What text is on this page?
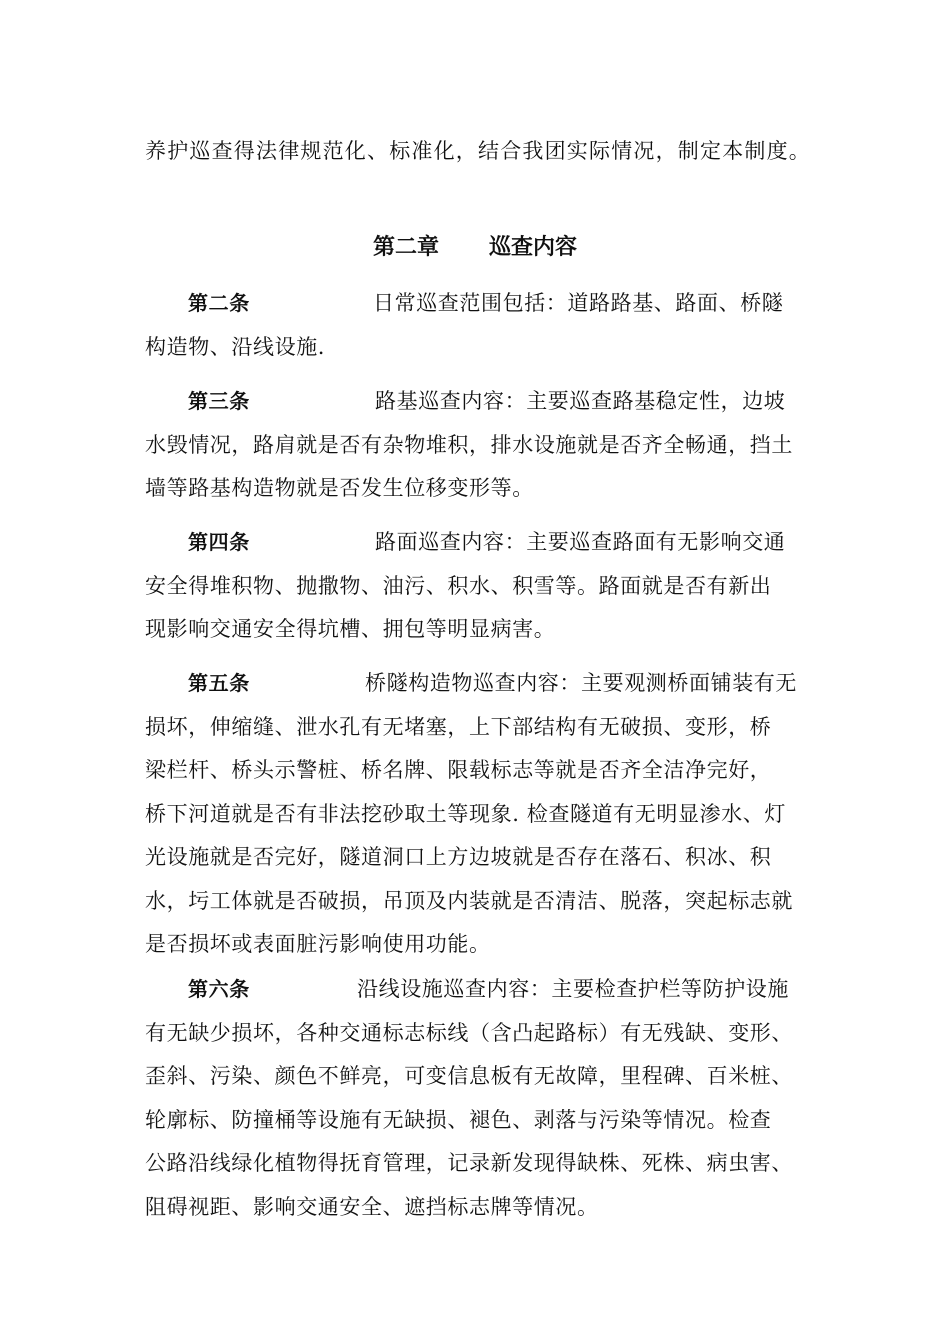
养护巡查得法律规范化、标准化，结合我团实际情况，制定本制度。
第二章 巡查内容
第二条	日常巡查范围包括：道路路基、路面、桥隧
构造物、沿线设施.
第三条	路基巡查内容：主要巡查路基稳定性，边坡
水毁情况，路肩就是否有杂物堆积，排水设施就是否齐全畅通，挡土
墙等路基构造物就是否发生位移变形等。
第四条	路面巡查内容：主要巡查路面有无影响交通
安全得堆积物、抛撒物、油污、积水、积雪等。路面就是否有新出
现影响交通安全得坑槽、拥包等明显病害。
第五条	桥隧构造物巡查内容：主要观测桥面铺装有无
损坏，伸缩缝、泄水孔有无堵塞，上下部结构有无破损、变形，桥
梁栏杆、桥头示警桩、桥名牌、限载标志等就是否齐全洁净完好，
桥下河道就是否有非法挖砂取土等现象. 检查隧道有无明显渗水、灯
光设施就是否完好，隧道洞口上方边坡就是否存在落石、积冰、积
水，圬工体就是否破损，吊顶及内装就是否清洁、脱落，突起标志就
是否损坏或表面脏污影响使用功能。
第六条	沿线设施巡查内容：主要检查护栏等防护设施
有无缺少损坏，各种交通标志标线（含凸起路标）有无残缺、变形、
歪斜、污染、颜色不鲜亮，可变信息板有无故障，里程碑、百米桩、
轮廓标、防撞桶等设施有无缺损、褪色、剥落与污染等情况。检查
公路沿线绿化植物得抚育管理，记录新发现得缺株、死株、病虫害、
阻碍视距、影响交通安全、遮挡标志牌等情况。
